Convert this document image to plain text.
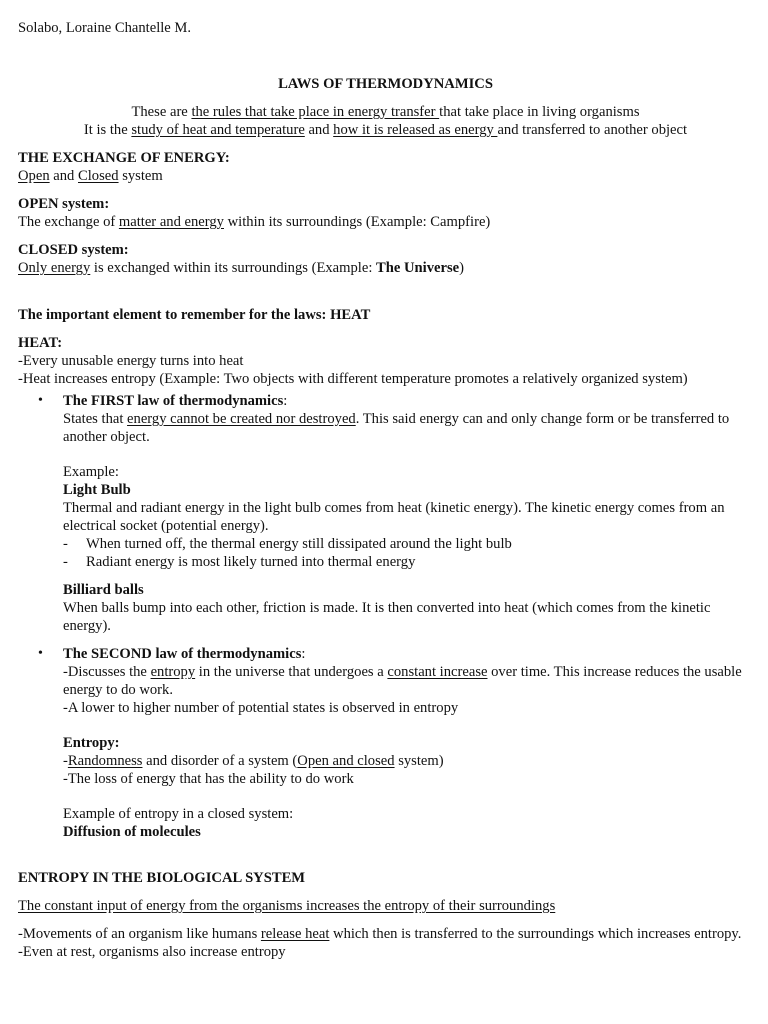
Solabo, Loraine Chantelle M.

LAWS OF THERMODYNAMICS

These are the rules that take place in energy transfer that take place in living organisms

It is the study of heat and temperature and how it is released as energy and transferred to another object

THE EXCHANGE OF ENERGY:

Open and Closed system

OPEN system:

The exchange of matter and energy within its surroundings (Example: Campfire)

CLOSED system:

Only energy is exchanged within its surroundings (Example: The Universe)

The important element to remember for the laws: HEAT

HEAT:

-Every unusable energy turns into heat

-Heat increases entropy (Example: Two objects with different temperature promotes a relatively organized system)

• The FIRST law of thermodynamics:

States that energy cannot be created nor destroyed. This said energy can and only change form or be transferred to another object.

Example:

Light Bulb

Thermal and radiant energy in the light bulb comes from heat (kinetic energy). The kinetic energy comes from an electrical socket (potential energy).

- When turned off, the thermal energy still dissipated around the light bulb

- Radiant energy is most likely turned into thermal energy

Billiard balls

When balls bump into each other, friction is made. It is then converted into heat (which comes from the kinetic energy).

• The SECOND law of thermodynamics:

-Discusses the entropy in the universe that undergoes a constant increase over time. This increase reduces the usable energy to do work.

-A lower to higher number of potential states is observed in entropy

Entropy:

-Randomness and disorder of a system (Open and closed system)

-The loss of energy that has the ability to do work

Example of entropy in a closed system:

Diffusion of molecules

ENTROPY IN THE BIOLOGICAL SYSTEM

The constant input of energy from the organisms increases the entropy of their surroundings

-Movements of an organism like humans release heat which then is transferred to the surroundings which increases entropy.

-Even at rest, organisms also increase entropy
